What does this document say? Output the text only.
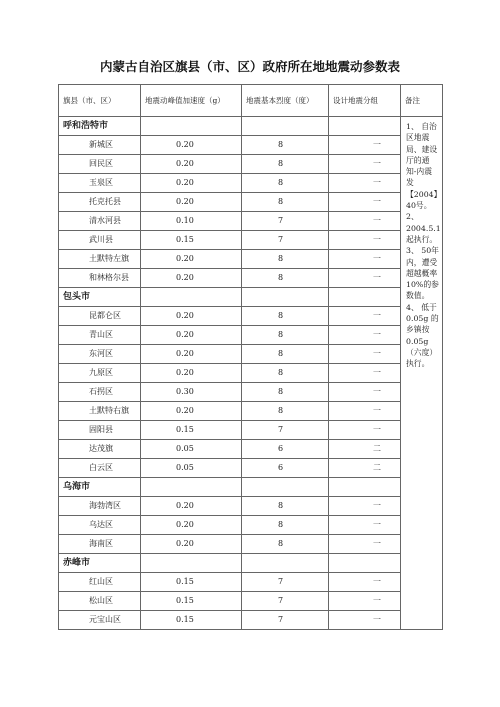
内蒙古自治区旗县（市、区）政府所在地地震动参数表
旗县（市、区）	地震动峰值加速度（g）	地震基本烈度（度）	设计地震分组	备注
呼和浩特市				1、 自治区地震局、建设厅的通知-内震发【2004】40号。
2、 2004.5.1起执行。
3、 50年内，遭受超越概率10%的参数值。
4、 低于0.05g 的乡镇按 0.05g（六度） 执行。

新城区	0.20	8	一	
回民区	0.20	8	一	
玉泉区	0.20	8	一	
托克托县	0.20	8	一	
清水河县	0.10	7	一	
武川县	0.15	7	一	
土默特左旗	0.20	8	一	
和林格尔县	0.20	8	一	
包头市				
昆都仑区	0.20	8	一	
青山区	0.20	8	一	
东河区	0.20	8	一	
九原区	0.20	8	一	
石拐区	0.30	8	一	
土默特右旗	0.20	8	一	
固阳县	0.15	7	一	
达茂旗	0.05	6	二	
白云区	0.05	6	二	
乌海市				
海勃湾区	0.20	8	一	
乌达区	0.20	8	一	
海南区	0.20	8	一	
赤峰市				
红山区	0.15	7	一	
松山区	0.15	7	一	
元宝山区	0.15	7	一	
